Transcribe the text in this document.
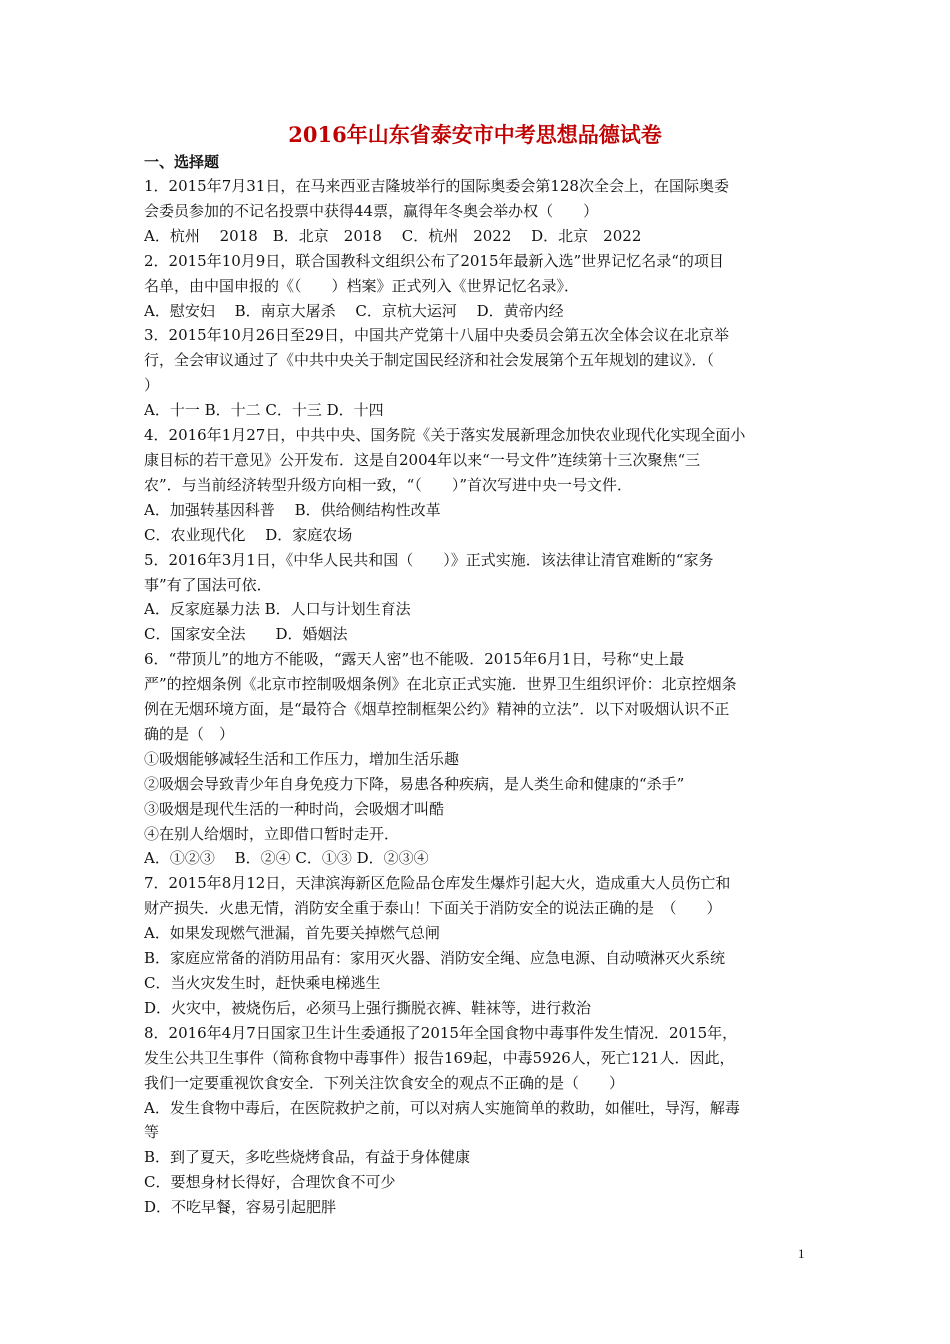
2016年山东省泰安市中考思想品德试卷
一、选择题
1．2015年7月31日，在马来西亚吉隆坡举行的国际奥委会第128次全会上，在国际奥委
会委员参加的不记名投票中获得44票，赢得年冬奥会举办权（　　）
A．杭州　 2018　B．北京　2018　 C．杭州　2022　 D．北京　2022
2．2015年10月9日，联合国教科文组织公布了2015年最新入选”世界记忆名录“的项目
名单，由中国申报的《（　　）档案》正式列入《世界记忆名录》．
A．慰安妇　 B．南京大屠杀　 C．京杭大运河　 D．黄帝内经
3．2015年10月26日至29日，中国共产党第十八届中央委员会第五次全体会议在北京举
行，全会审议通过了《中共中央关于制定国民经济和社会发展第个五年规划的建议》．（
）
A．十一 B．十二 C．十三 D．十四
4．2016年1月27日，中共中央、国务院《关于落实发展新理念加快农业现代化实现全面小
康目标的若干意见》公开发布．这是自2004年以来“一号文件”连续第十三次聚焦“三
农”．与当前经济转型升级方向相一致，“（　　）”首次写进中央一号文件．
A．加强转基因科普　 B．供给侧结构性改革
C．农业现代化　 D．家庭农场
5．2016年3月1日，《中华人民共和国（　　）》正式实施．该法律让清官难断的“家务
事”有了国法可依．
A．反家庭暴力法 B．人口与计划生育法
C．国家安全法　　D．婚姻法
6．“带顶儿”的地方不能吸，“露天人密”也不能吸．2015年6月1日，号称“史上最
严”的控烟条例《北京市控制吸烟条例》在北京正式实施．世界卫生组织评价：北京控烟条
例在无烟环境方面，是“最符合《烟草控制框架公约》精神的立法”．以下对吸烟认识不正
确的是（　）
①吸烟能够减轻生活和工作压力，增加生活乐趣
②吸烟会导致青少年自身免疫力下降，易患各种疾病，是人类生命和健康的“杀手”
③吸烟是现代生活的一种时尚，会吸烟才叫酷
④在别人给烟时，立即借口暂时走开．
A．①②③　 B．②④ C．①③ D．②③④
7．2015年8月12日，天津滨海新区危险品仓库发生爆炸引起大火，造成重大人员伤亡和
财产损失．火患无情，消防安全重于泰山！下面关于消防安全的说法正确的是　（　　）
A．如果发现燃气泄漏，首先要关掉燃气总闸
B．家庭应常备的消防用品有：家用灭火器、消防安全绳、应急电源、自动喷淋灭火系统
C．当火灾发生时，赶快乘电梯逃生
D．火灾中，被烧伤后，必须马上强行撕脱衣裤、鞋袜等，进行救治
8．2016年4月7日国家卫生计生委通报了2015年全国食物中毒事件发生情况．2015年，
发生公共卫生事件（简称食物中毒事件）报告169起，中毒5926人，死亡121人．因此，
我们一定要重视饮食安全．下列关注饮食安全的观点不正确的是（　　）
A．发生食物中毒后，在医院救护之前，可以对病人实施简单的救助，如催吐，导泻，解毒
等
B．到了夏天，多吃些烧烤食品，有益于身体健康
C．要想身材长得好，合理饮食不可少
D．不吃早餐，容易引起肥胖
1
